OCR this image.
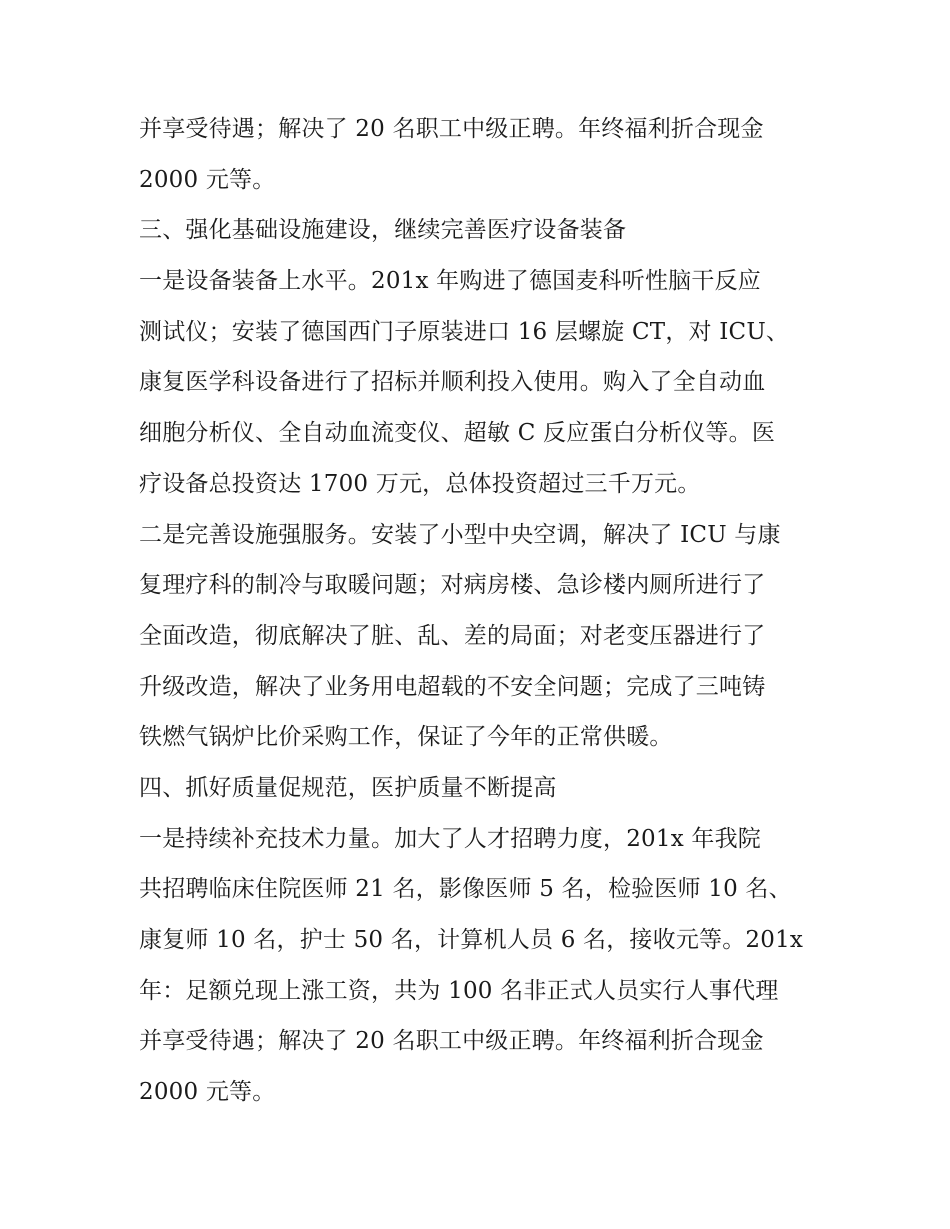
并享受待遇；解决了 20 名职工中级正聘。年终福利折合现金
2000 元等。
三、强化基础设施建设，继续完善医疗设备装备
一是设备装备上水平。201x 年购进了德国麦科听性脑干反应
测试仪；安装了德国西门子原装进口 16 层螺旋 CT，对 ICU、
康复医学科设备进行了招标并顺利投入使用。购入了全自动血
细胞分析仪、全自动血流变仪、超敏 C 反应蛋白分析仪等。医
疗设备总投资达 1700 万元，总体投资超过三千万元。
二是完善设施强服务。安装了小型中央空调，解决了 ICU 与康
复理疗科的制冷与取暖问题；对病房楼、急诊楼内厕所进行了
全面改造，彻底解决了脏、乱、差的局面；对老变压器进行了
升级改造，解决了业务用电超载的不安全问题；完成了三吨铸
铁燃气锅炉比价采购工作，保证了今年的正常供暖。
四、抓好质量促规范，医护质量不断提高
一是持续补充技术力量。加大了人才招聘力度，201x 年我院
共招聘临床住院医师 21 名，影像医师 5 名，检验医师 10 名、
康复师 10 名，护士 50 名，计算机人员 6 名，接收元等。201x
年：足额兑现上涨工资，共为 100 名非正式人员实行人事代理
并享受待遇；解决了 20 名职工中级正聘。年终福利折合现金
2000 元等。
